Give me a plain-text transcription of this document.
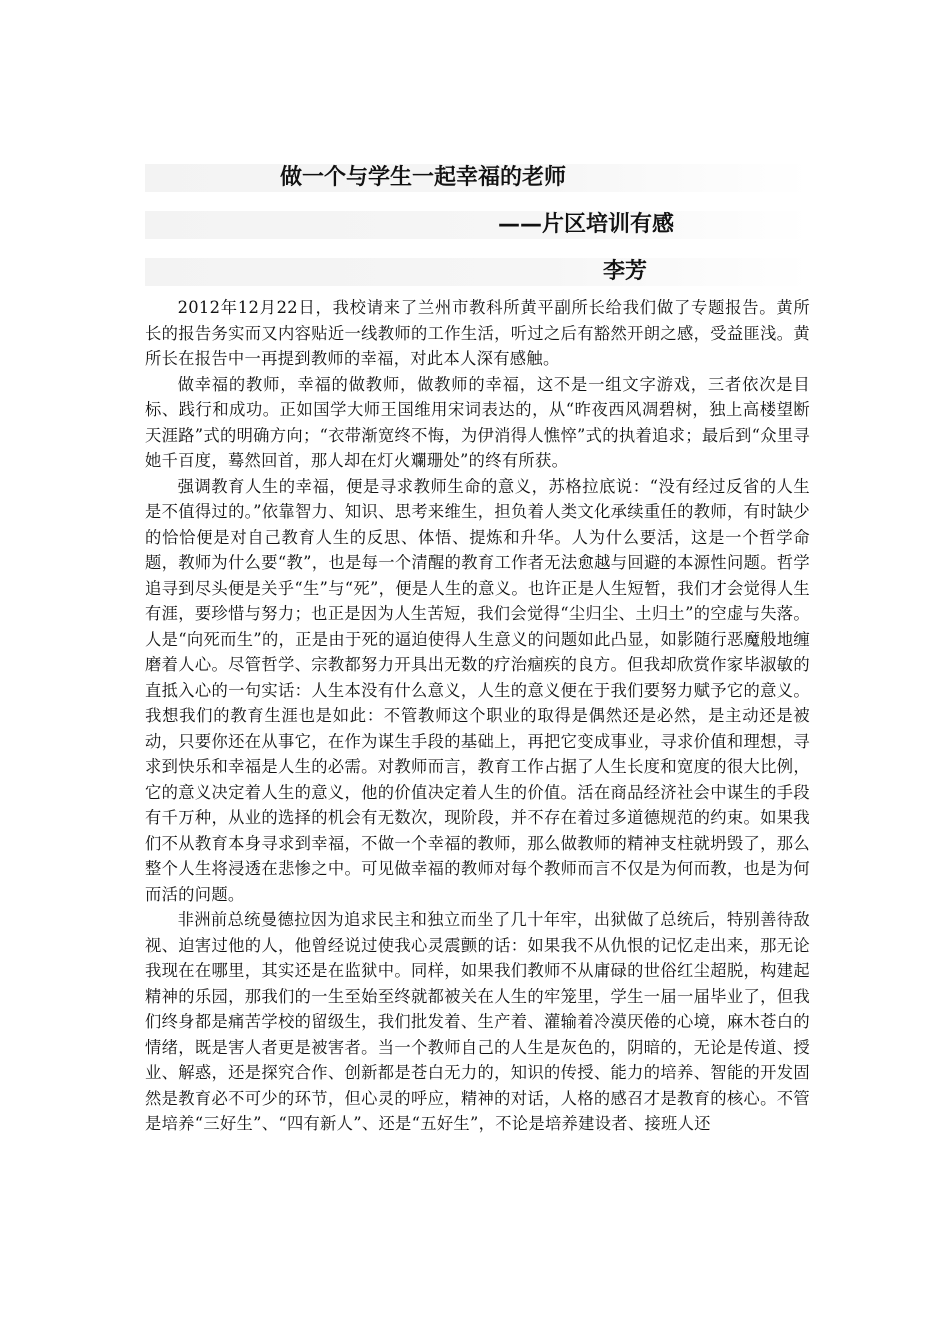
做一个与学生一起幸福的老师
——片区培训有感
李芳

2012年12月22日，我校请来了兰州市教科所黄平副所长给我们做了专题报告。黄所长的报告务实而又内容贴近一线教师的工作生活，听过之后有豁然开朗之感，受益匪浅。黄所长在报告中一再提到教师的幸福，对此本人深有感触。

做幸福的教师，幸福的做教师，做教师的幸福，这不是一组文字游戏，三者依次是目标、践行和成功。正如国学大师王国维用宋词表达的，从“昨夜西风凋碧树，独上高楼望断天涯路”式的明确方向；“衣带渐宽终不悔，为伊消得人憔悴”式的执着追求；最后到“众里寻她千百度，蓦然回首，那人却在灯火斕珊处”的终有所获。

强调教育人生的幸福，便是寻求教师生命的意义，苏格拉底说：“没有经过反省的人生是不值得过的。”依靠智力、知识、思考来维生，担负着人类文化承续重任的教师，有时缺少的恰恰便是对自己教育人生的反思、体悟、提炼和升华。人为什么要活，这是一个哲学命题，教师为什么要“教”，也是每一个清醒的教育工作者无法愈越与回避的本源性问题。哲学追寻到尽头便是关乎“生”与“死”，便是人生的意义。也许正是人生短暂，我们才会觉得人生有涯，要珍惜与努力；也正是因为人生苦短，我们会觉得“尘归尘、土归土”的空虚与失落。人是“向死而生”的，正是由于死的逼迫使得人生意义的问题如此凸显，如影随行恶魔般地缠磨着人心。尽管哲学、宗教都努力开具出无数的疗治痼疾的良方。但我却欣赏作家毕淑敏的直抵入心的一句实话：人生本没有什么意义，人生的意义便在于我们要努力赋予它的意义。我想我们的教育生涯也是如此：不管教师这个职业的取得是偶然还是必然，是主动还是被动，只要你还在从事它，在作为谋生手段的基础上，再把它变成事业，寻求价值和理想，寻求到快乐和幸福是人生的必需。对教师而言，教育工作占据了人生长度和宽度的很大比例，它的意义决定着人生的意义，他的价值决定着人生的价值。活在商品经济社会中谋生的手段有千万种，从业的选择的机会有无数次，现阶段，并不存在着过多道德规范的约束。如果我们不从教育本身寻求到幸福，不做一个幸福的教师，那么做教师的精神支柱就坍毁了，那么整个人生将浸透在悲惨之中。可见做幸福的教师对每个教师而言不仅是为何而教，也是为何而活的问题。

非洲前总统曼德拉因为追求民主和独立而坐了几十年牢，出狱做了总统后，特别善待敌视、迫害过他的人，他曾经说过使我心灵震颤的话：如果我不从仇恨的记忆走出来，那无论我现在在哪里，其实还是在监狱中。同样，如果我们教师不从庸碌的世俗红尘超脱，构建起精神的乐园，那我们的一生至始至终就都被关在人生的牢笼里，学生一届一届毕业了，但我们终身都是痛苦学校的留级生，我们批发着、生产着、灌输着冷漠厌倦的心境，麻木苍白的情绪，既是害人者更是被害者。当一个教师自己的人生是灰色的，阴暗的，无论是传道、授业、解惑，还是探究合作、创新都是苍白无力的，知识的传授、能力的培养、智能的开发固然是教育必不可少的环节，但心灵的呼应，精神的对话，人格的感召才是教育的核心。不管是培养“三好生”、“四有新人”、还是“五好生”，不论是培养建设者、接班人还
